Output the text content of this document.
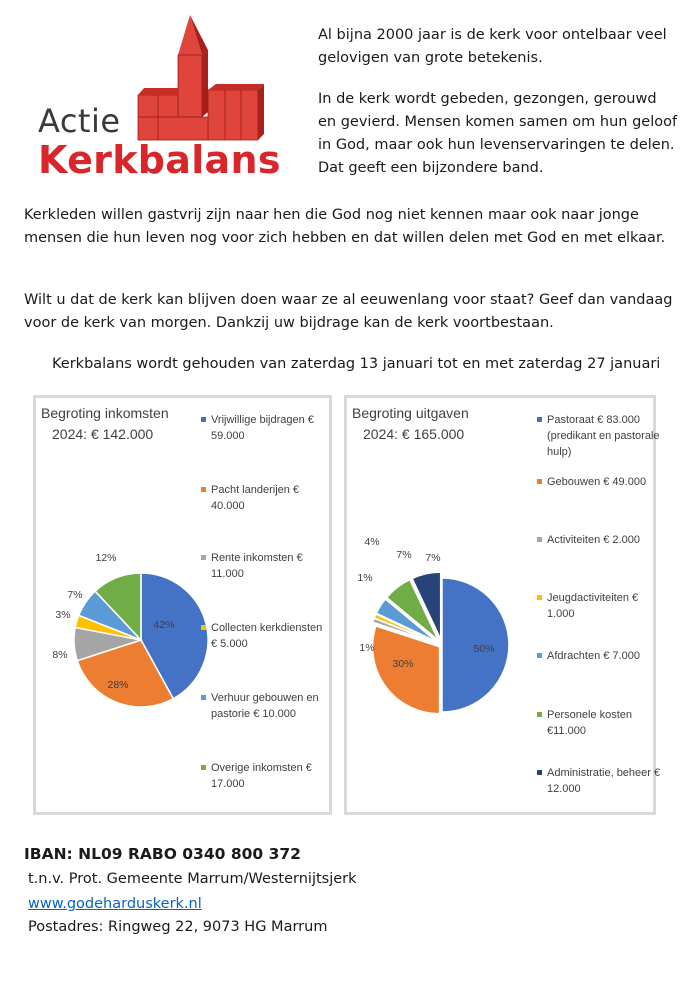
Actie
Kerkbalans
Al bijna 2000 jaar is de kerk voor ontelbaar veel gelovigen van grote betekenis.
In de kerk wordt gebeden, gezongen, gerouwd en gevierd. Mensen komen samen om hun geloof in God, maar ook hun levenservaringen te delen. Dat geeft een bijzondere band.
Kerkleden willen gastvrij zijn naar hen die God nog niet kennen maar ook naar jonge mensen die hun leven nog voor zich hebben en dat willen delen met God en met elkaar.
Wilt u dat de kerk kan blijven doen waar ze al eeuwenlang voor staat? Geef dan vandaag voor de kerk van morgen. Dankzij uw bijdrage kan de kerk voortbestaan.
Kerkbalans wordt gehouden van zaterdag 13 januari tot en met zaterdag 27 januari
42%
28%
8%
3%
7%
12%
Begroting inkomsten
2024: € 142.000
Vrijwillige bijdragen € 59.000
Pacht landerijen € 40.000
Rente inkomsten € 11.000
Collecten kerkdiensten € 5.000
Verhuur gebouwen en pastorie € 10.000
Overige inkomsten € 17.000
50%
30%
1%
1%
4%
7% 7%
Begroting uitgaven
2024: € 165.000
Pastoraat € 83.000 (predikant en pastorale hulp)
Gebouwen € 49.000
Activiteiten € 2.000
Jeugdactiviteiten € 1.000
Afdrachten € 7.000
Personele kosten €11.000
Administratie, beheer € 12.000
IBAN: NL09 RABO 0340 800 372
t.n.v. Prot. Gemeente Marrum/Westernijtsjerk
www.godeharduskerk.nl
Postadres: Ringweg 22, 9073 HG Marrum
